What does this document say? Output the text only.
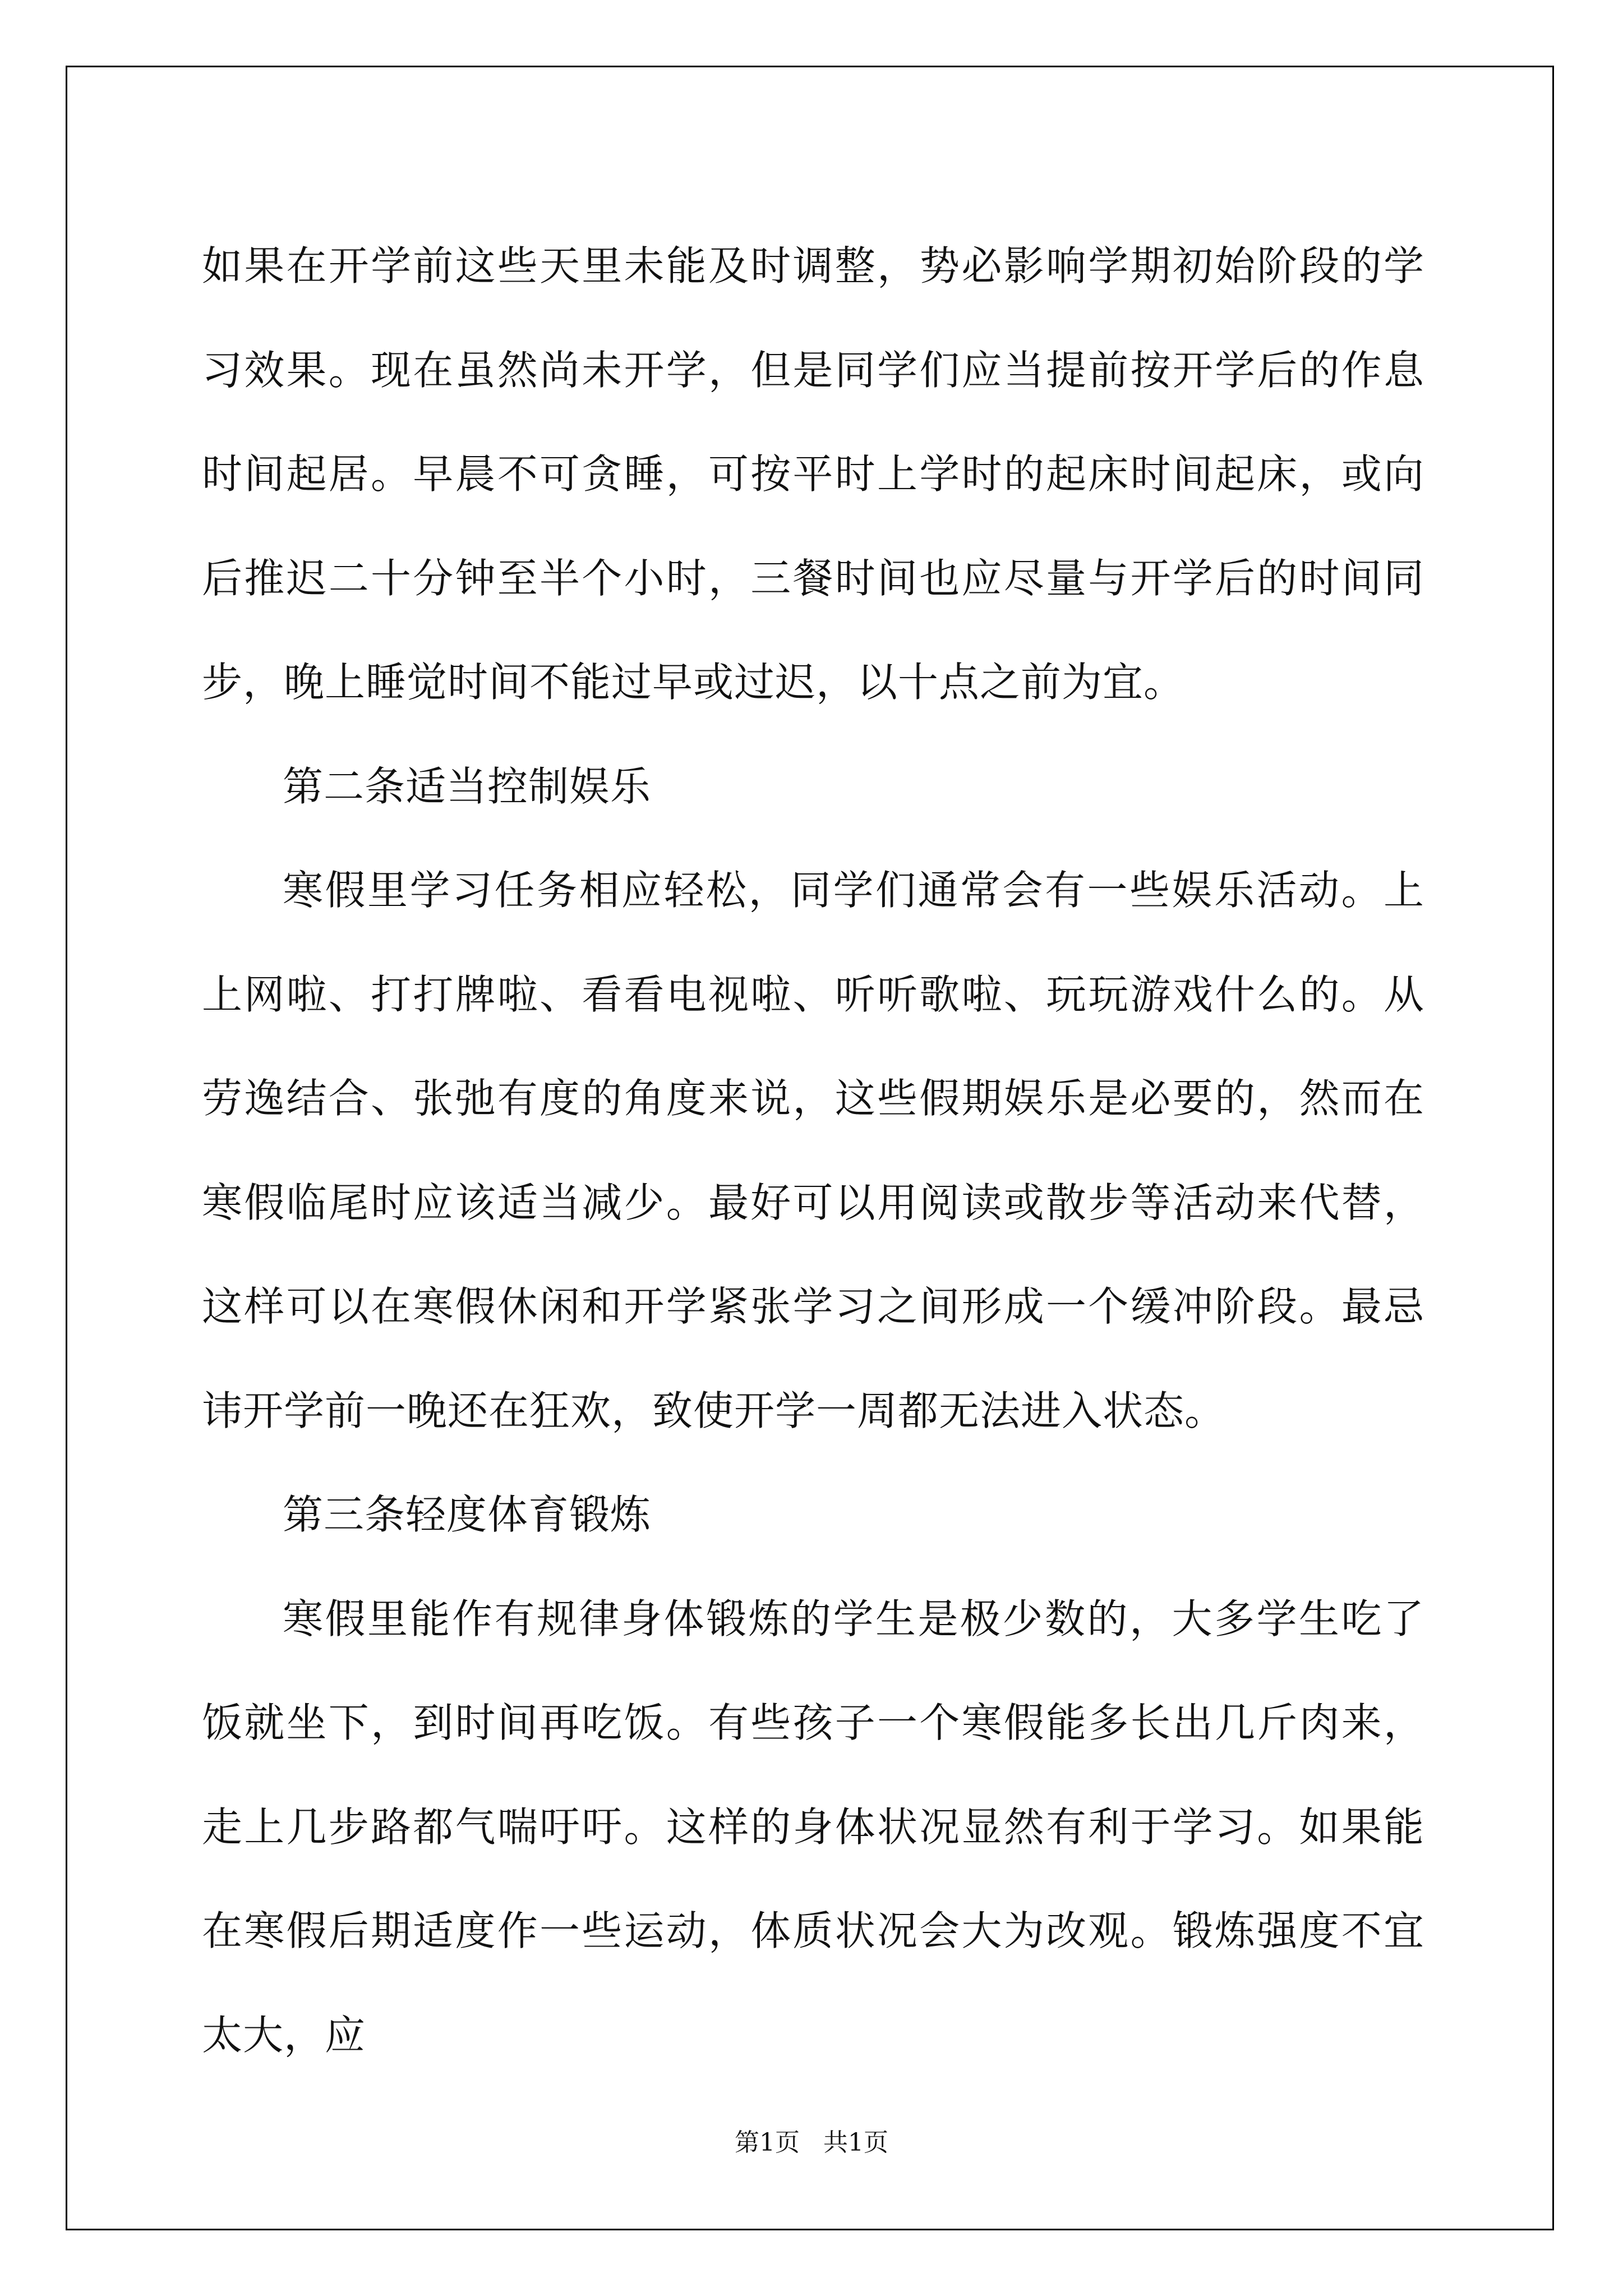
如果在开学前这些天里未能及时调整，势必影响学期初始阶段的学习效果。现在虽然尚未开学，但是同学们应当提前按开学后的作息时间起居。早晨不可贪睡，可按平时上学时的起床时间起床，或向后推迟二十分钟至半个小时，三餐时间也应尽量与开学后的时间同步，晚上睡觉时间不能过早或过迟，以十点之前为宜。

第二条适当控制娱乐

寒假里学习任务相应轻松，同学们通常会有一些娱乐活动。上上网啦、打打牌啦、看看电视啦、听听歌啦、玩玩游戏什么的。从劳逸结合、张弛有度的角度来说，这些假期娱乐是必要的，然而在寒假临尾时应该适当减少。最好可以用阅读或散步等活动来代替，这样可以在寒假休闲和开学紧张学习之间形成一个缓冲阶段。最忌讳开学前一晚还在狂欢，致使开学一周都无法进入状态。

第三条轻度体育锻炼

寒假里能作有规律身体锻炼的学生是极少数的，大多学生吃了饭就坐下，到时间再吃饭。有些孩子一个寒假能多长出几斤肉来，走上几步路都气喘吁吁。这样的身体状况显然有利于学习。如果能在寒假后期适度作一些运动，体质状况会大为改观。锻炼强度不宜太大，应

第1页   共1页
